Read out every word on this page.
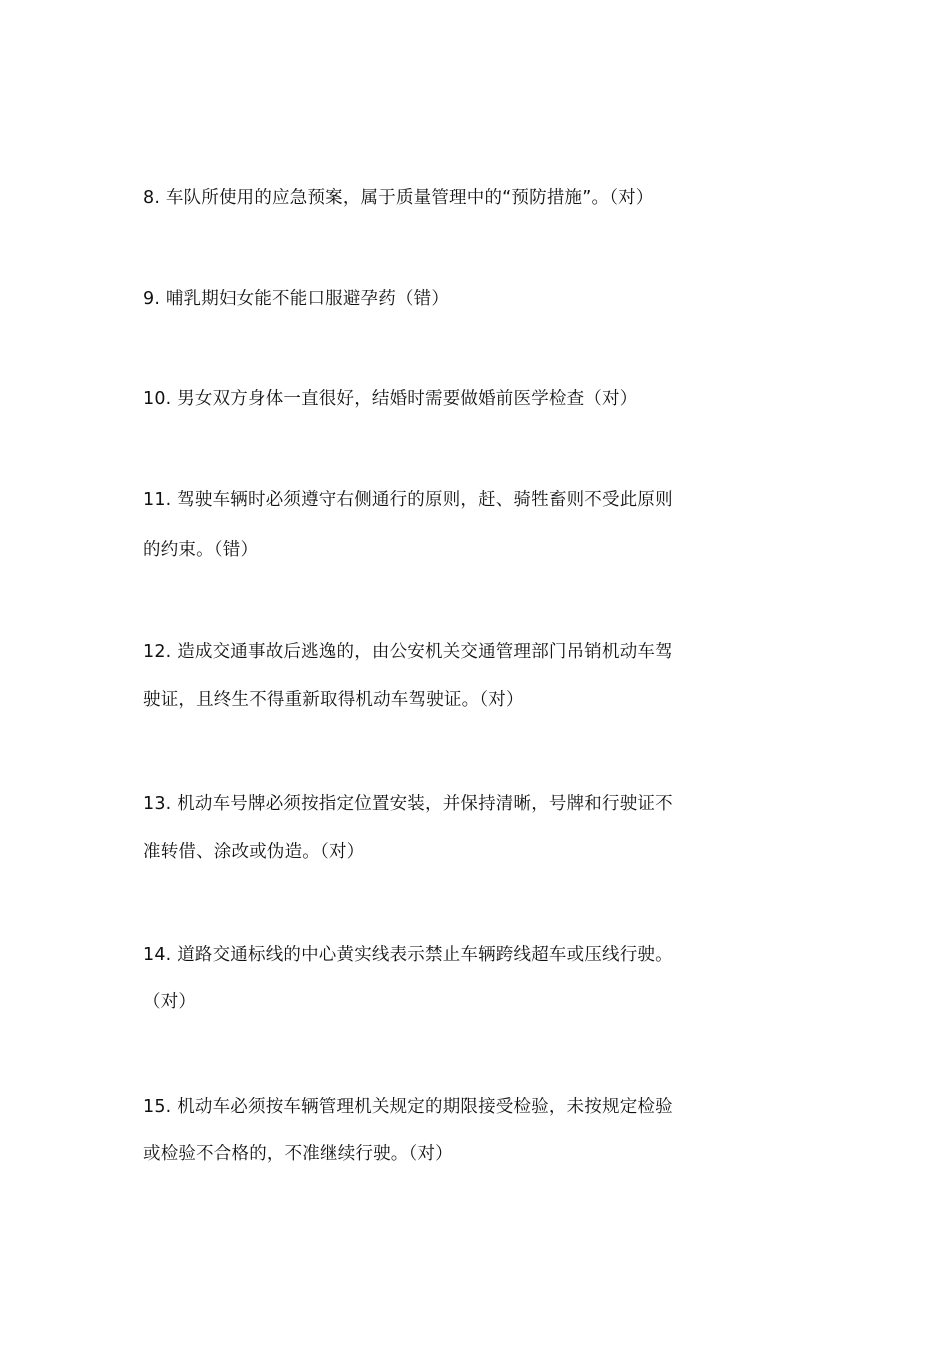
8. 车队所使用的应急预案，属于质量管理中的“预防措施”。（对）
9. 哺乳期妇女能不能口服避孕药（错）
10. 男女双方身体一直很好，结婚时需要做婚前医学检查（对）
11. 驾驶车辆时必须遵守右侧通行的原则，赶、骑牲畜则不受此原则
的约束。（错）
12. 造成交通事故后逃逸的，由公安机关交通管理部门吊销机动车驾
驶证，且终生不得重新取得机动车驾驶证。（对）
13. 机动车号牌必须按指定位置安装，并保持清晰，号牌和行驶证不
准转借、涂改或伪造。（对）
14. 道路交通标线的中心黄实线表示禁止车辆跨线超车或压线行驶。
（对）
15. 机动车必须按车辆管理机关规定的期限接受检验，未按规定检验
或检验不合格的，不准继续行驶。（对）
